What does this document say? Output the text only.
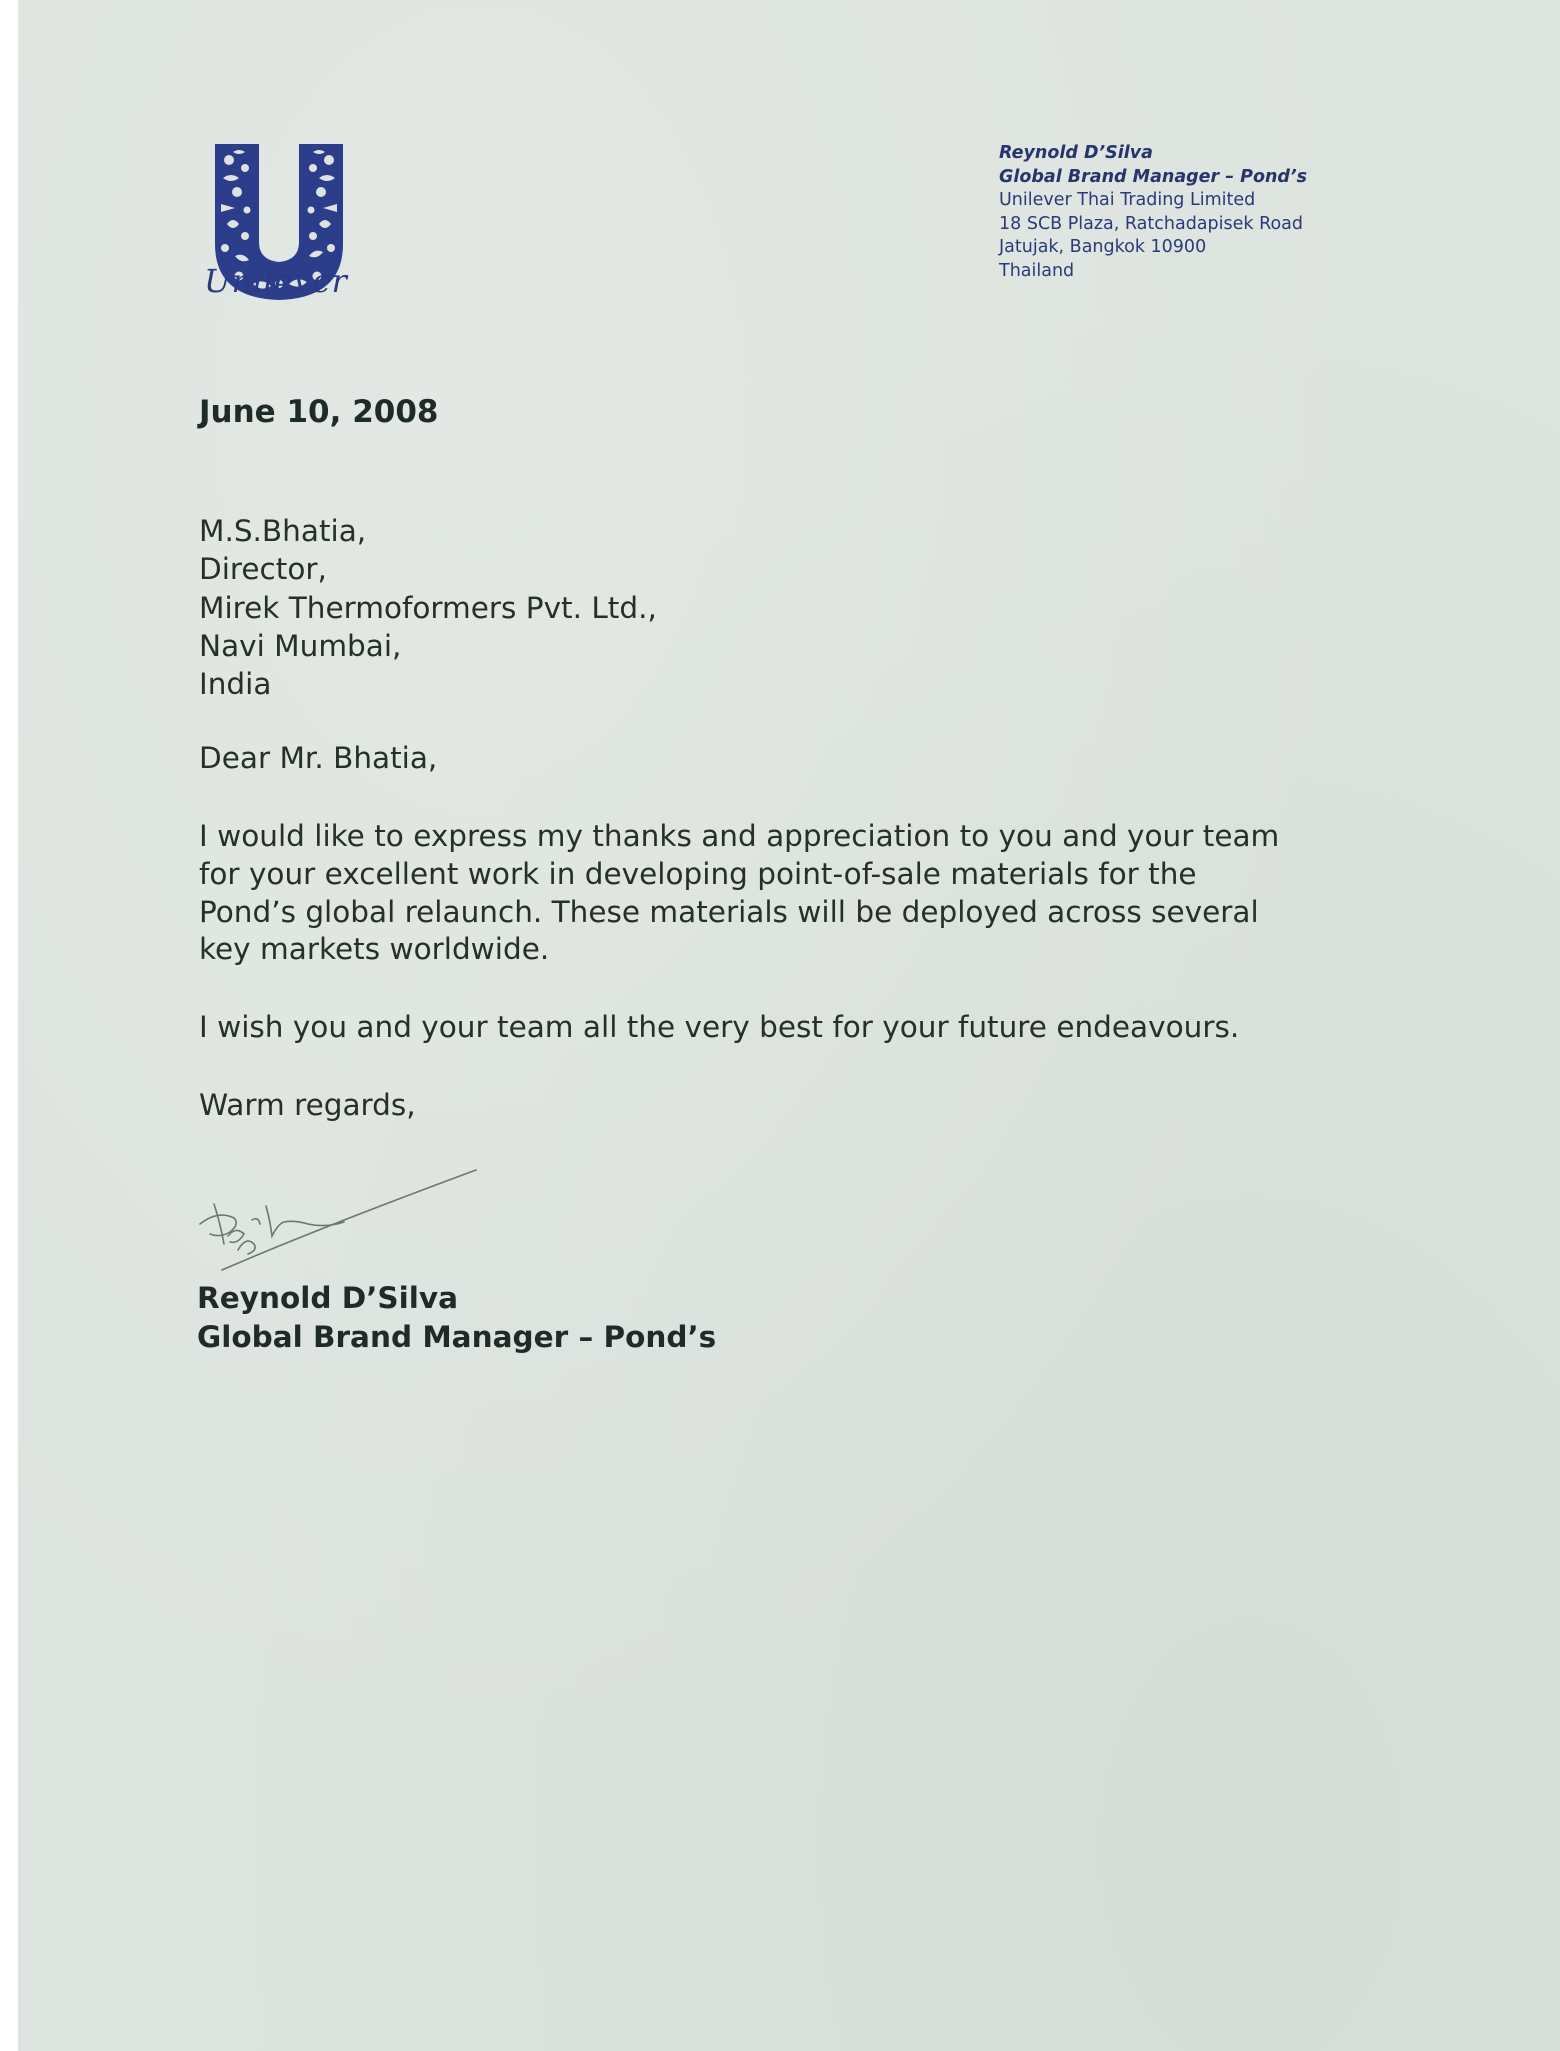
Unilever
Reynold D’Silva
Global Brand Manager – Pond’s
Unilever Thai Trading Limited
18 SCB Plaza, Ratchadapisek Road
Jatujak, Bangkok 10900
Thailand
June 10, 2008
M.S.Bhatia,
Director,
Mirek Thermoformers Pvt. Ltd.,
Navi Mumbai,
India
Dear Mr. Bhatia,
I would like to express my thanks and appreciation to you and your team
for your excellent work in developing point-of-sale materials for the
Pond’s global relaunch. These materials will be deployed across several
key markets worldwide.
I wish you and your team all the very best for your future endeavours.
Warm regards,
Reynold D’Silva
Global Brand Manager – Pond’s
